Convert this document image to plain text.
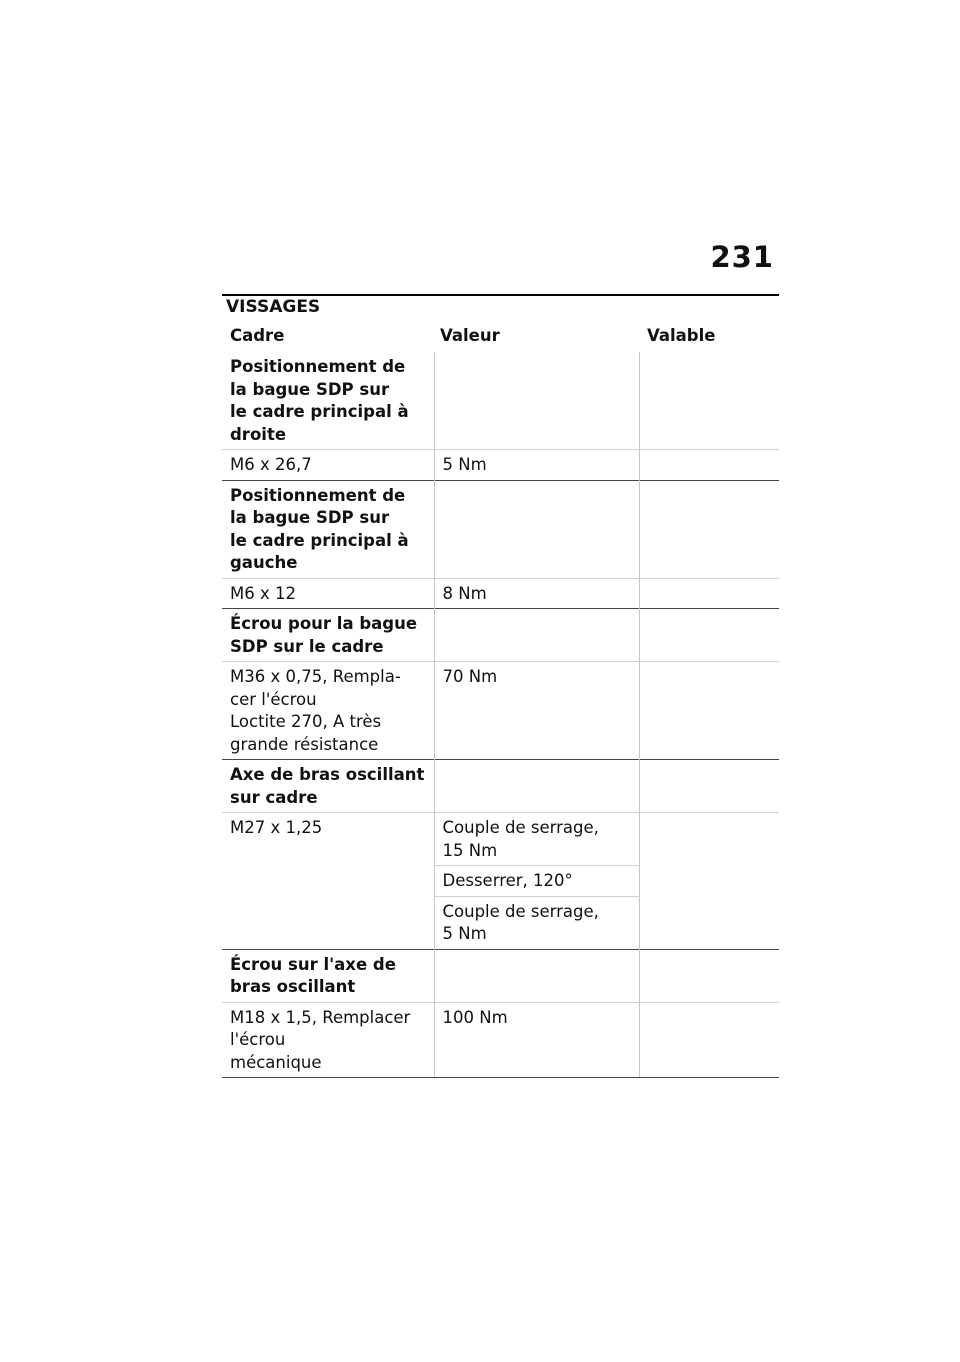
231
VISSAGES
Cadre	Valeur	Valable
Positionnement de
la bague SDP sur
le cadre principal à
droite		

M6 x 26,7	5 Nm	

Positionnement de
la bague SDP sur
le cadre principal à
gauche		

M6 x 12	8 Nm	

Écrou pour la bague
SDP sur le cadre		

M36 x 0,75, Rempla-
cer l'écrou
Loctite 270, A très
grande résistance	70 Nm	

Axe de bras oscillant
sur cadre		

M27 x 1,25	Couple de serrage,
15 Nm	

	Desserrer, 120°	

	Couple de serrage,
5 Nm	

Écrou sur l'axe de
bras oscillant		

M18 x 1,5, Remplacer
l'écrou
mécanique	100 Nm	
